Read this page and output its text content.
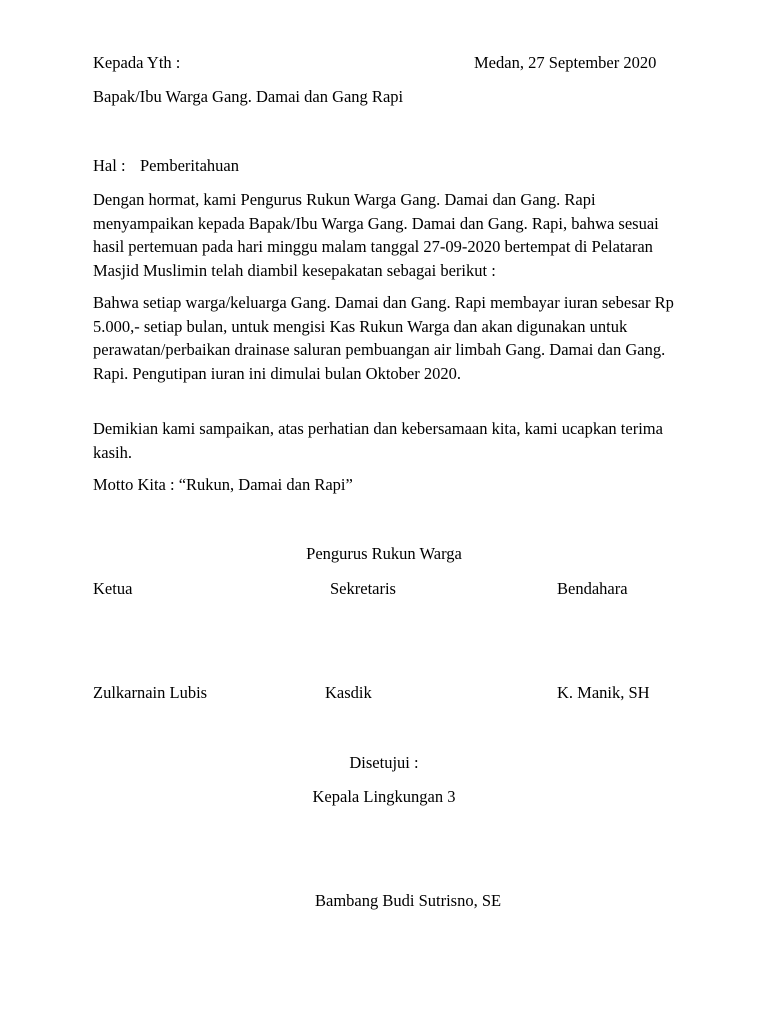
Kepada Yth :	Medan, 27 September 2020
Bapak/Ibu Warga Gang. Damai dan Gang Rapi
Hal : Pemberitahuan
Dengan hormat, kami Pengurus Rukun Warga Gang. Damai dan Gang. Rapi menyampaikan kepada Bapak/Ibu Warga Gang. Damai dan Gang. Rapi, bahwa sesuai hasil pertemuan pada hari minggu malam tanggal 27-09-2020 bertempat di Pelataran Masjid Muslimin telah diambil kesepakatan sebagai berikut :
Bahwa setiap warga/keluarga Gang. Damai dan Gang. Rapi membayar iuran sebesar Rp 5.000,- setiap bulan, untuk mengisi Kas Rukun Warga dan akan digunakan untuk perawatan/perbaikan drainase saluran pembuangan air limbah Gang. Damai dan Gang. Rapi. Pengutipan iuran ini dimulai bulan Oktober 2020.
Demikian kami sampaikan, atas perhatian dan kebersamaan kita, kami ucapkan terima kasih.
Motto Kita : “Rukun, Damai dan Rapi”
Pengurus Rukun Warga
Ketua	Sekretaris	Bendahara
Zulkarnain Lubis	Kasdik	K. Manik, SH
Disetujui :
Kepala Lingkungan 3
Bambang Budi Sutrisno, SE
